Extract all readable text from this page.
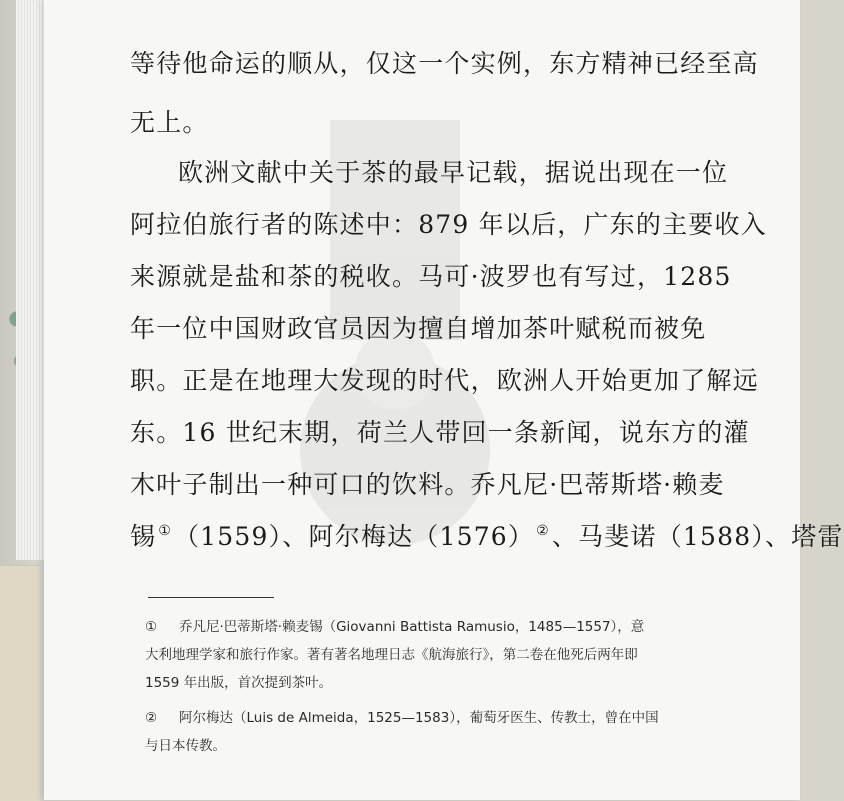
等待他命运的顺从，仅这一个实例，东方精神已经至高
无上。
欧洲文献中关于茶的最早记载，据说出现在一位
阿拉伯旅行者的陈述中：879 年以后，广东的主要收入
来源就是盐和茶的税收。马可·波罗也有写过，1285
年一位中国财政官员因为擅自增加茶叶赋税而被免
职。正是在地理大发现的时代，欧洲人开始更加了解远
东。16 世纪末期，荷兰人带回一条新闻，说东方的灌
木叶子制出一种可口的饮料。乔凡尼·巴蒂斯塔·赖麦
锡 ①（1559）、阿尔梅达（1576） ②、马斐诺（1588）、塔雷
① 乔凡尼·巴蒂斯塔·赖麦锡（Giovanni Battista Ramusio，1485—1557），意
大利地理学家和旅行作家。著有著名地理日志《航海旅行》，第二卷在他死后两年即
1559 年出版，首次提到茶叶。
② 阿尔梅达（Luis de Almeida，1525—1583），葡萄牙医生、传教士，曾在中国
与日本传教。
